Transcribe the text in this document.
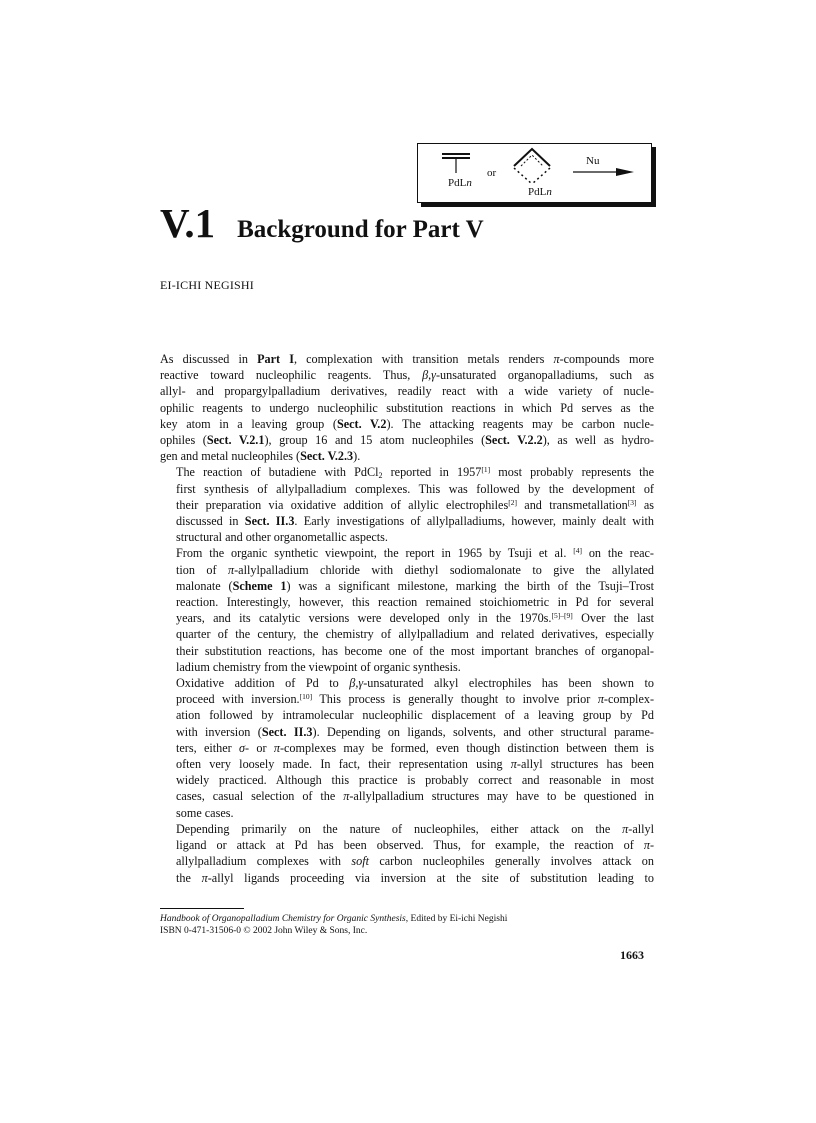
PdLn
or
PdLn
Nu
V.1 Background for Part V
EI-ICHI NEGISHI

As discussed in Part I, complexation with transition metals renders π-compounds more
reactive toward nucleophilic reagents. Thus, β,γ-unsaturated organopalladiums, such as
allyl- and propargylpalladium derivatives, readily react with a wide variety of nucle-
ophilic reagents to undergo nucleophilic substitution reactions in which Pd serves as the
key atom in a leaving group (Sect. V.2). The attacking reagents may be carbon nucle-
ophiles (Sect. V.2.1), group 16 and 15 atom nucleophiles (Sect. V.2.2), as well as hydro-
gen and metal nucleophiles (Sect. V.2.3).

The reaction of butadiene with PdCl$_2$ reported in 1957[1] most probably represents the
first synthesis of allylpalladium complexes. This was followed by the development of
their preparation via oxidative addition of allylic electrophiles[2] and transmetallation[3] as
discussed in Sect. II.3. Early investigations of allylpalladiums, however, mainly dealt with
structural and other organometallic aspects.

From the organic synthetic viewpoint, the report in 1965 by Tsuji et al. [4] on the reac-
tion of π-allylpalladium chloride with diethyl sodiomalonate to give the allylated
malonate (Scheme 1) was a significant milestone, marking the birth of the Tsuji–Trost
reaction. Interestingly, however, this reaction remained stoichiometric in Pd for several
years, and its catalytic versions were developed only in the 1970s.[5]–[9] Over the last
quarter of the century, the chemistry of allylpalladium and related derivatives, especially
their substitution reactions, has become one of the most important branches of organopal-
ladium chemistry from the viewpoint of organic synthesis.

Oxidative addition of Pd to β,γ-unsaturated alkyl electrophiles has been shown to
proceed with inversion.[10] This process is generally thought to involve prior π-complex-
ation followed by intramolecular nucleophilic displacement of a leaving group by Pd
with inversion (Sect. II.3). Depending on ligands, solvents, and other structural parame-
ters, either σ- or π-complexes may be formed, even though distinction between them is
often very loosely made. In fact, their representation using π-allyl structures has been
widely practiced. Although this practice is probably correct and reasonable in most
cases, casual selection of the π-allylpalladium structures may have to be questioned in
some cases.

Depending primarily on the nature of nucleophiles, either attack on the π-allyl
ligand or attack at Pd has been observed. Thus, for example, the reaction of π-
allylpalladium complexes with soft carbon nucleophiles generally involves attack on
the π-allyl ligands proceeding via inversion at the site of substitution leading to

Handbook of Organopalladium Chemistry for Organic Synthesis, Edited by Ei-ichi Negishi
ISBN 0-471-31506-0 © 2002 John Wiley & Sons, Inc.
1663
